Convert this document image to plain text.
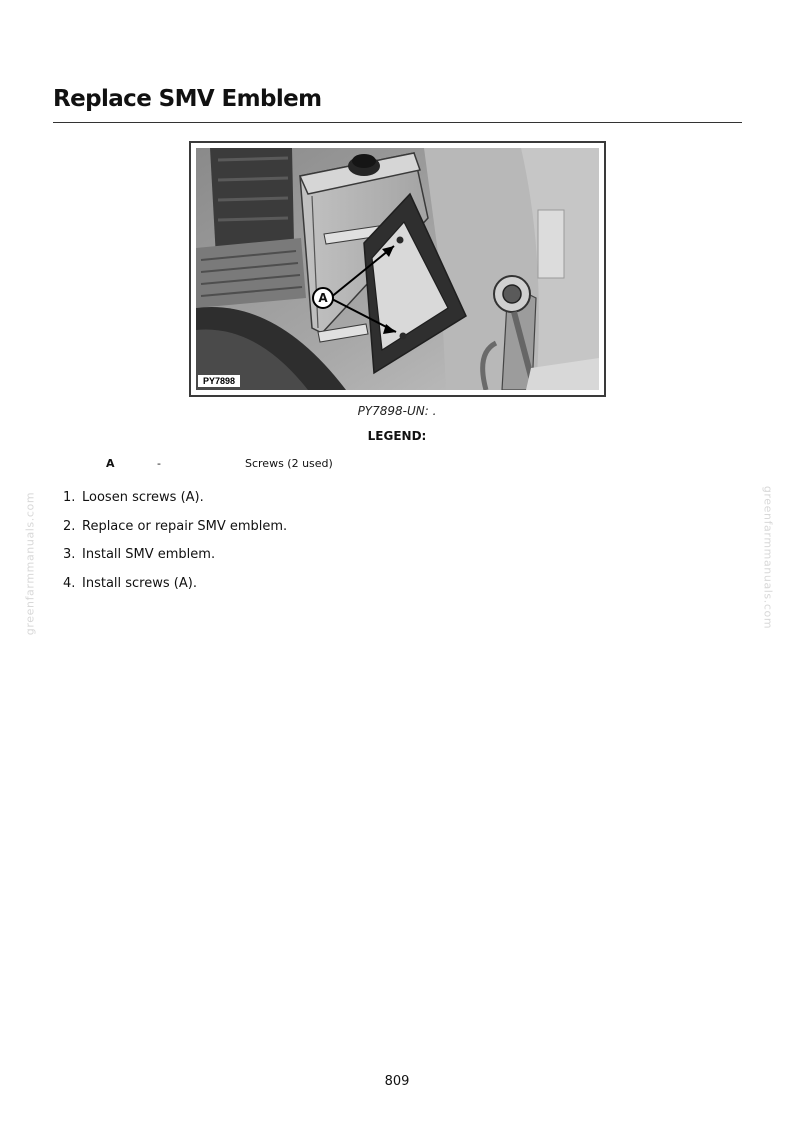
Replace SMV Emblem
A
PY7898
PY7898-UN: .
LEGEND:
A	-	Screws (2 used)
1. Loosen screws (A).
2. Replace or repair SMV emblem.
3. Install SMV emblem.
4. Install screws (A).
greenfarmmanuals.com	greenfarmmanuals.com
809
